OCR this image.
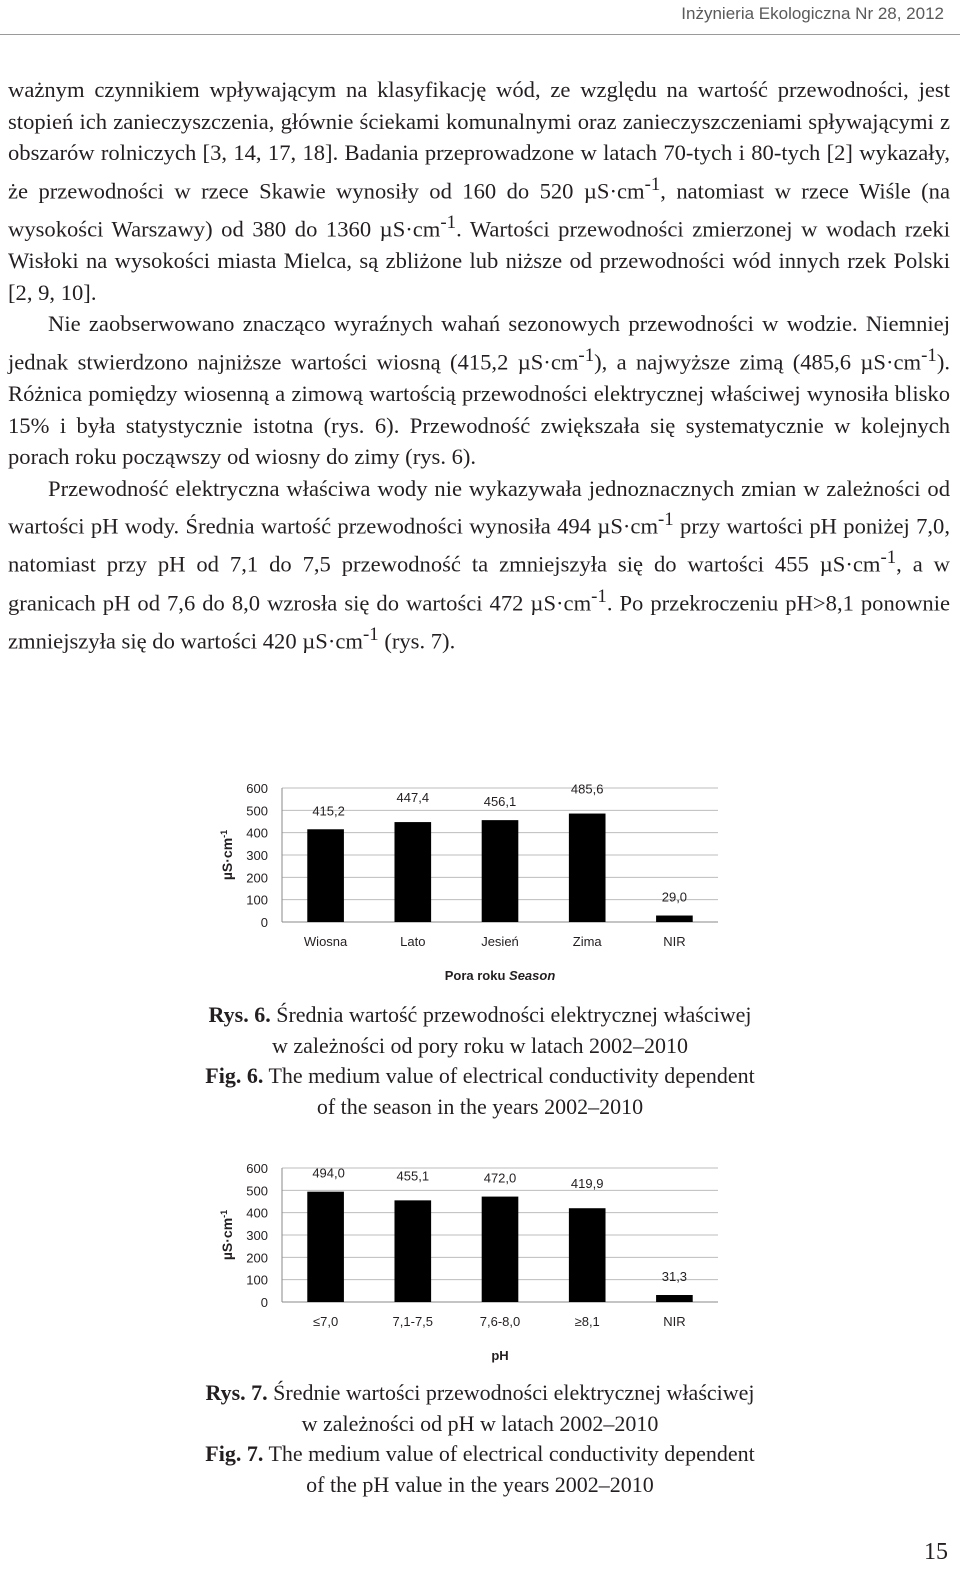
Inżynieria Ekologiczna Nr 28, 2012

ważnym czynnikiem wpływającym na klasyfikację wód, ze względu na wartość przewodności, jest stopień ich zanieczyszczenia, głównie ściekami komunalnymi oraz zanieczyszczeniami spływającymi z obszarów rolniczych [3, 14, 17, 18]. Badania przeprowadzone w latach 70-tych i 80-tych [2] wykazały, że przewodności w rzece Skawie wynosiły od 160 do 520 $\mu S\cdot cm^{-1}$, natomiast w rzece Wiśle (na wysokości Warszawy) od 380 do 1360 $\mu S\cdot cm^{-1}$. Wartości przewodności zmierzonej w wodach rzeki Wisłoki na wysokości miasta Mielca, są zbliżone lub niższe od przewodności wód innych rzek Polski [2, 9, 10].

Nie zaobserwowano znacząco wyraźnych wahań sezonowych przewodności w wodzie. Niemniej jednak stwierdzono najniższe wartości wiosną (415,2 $\mu S\cdot cm^{-1}$), a najwyższe zimą (485,6 $\mu S\cdot cm^{-1}$). Różnica pomiędzy wiosenną a zimową wartością przewodności elektrycznej właściwej wynosiła blisko 15% i była statystycznie istotna (rys. 6). Przewodność zwiększała się systematycznie w kolejnych porach roku począwszy od wiosny do zimy (rys. 6).

Przewodność elektryczna właściwa wody nie wykazywała jednoznacznych zmian w zależności od wartości pH wody. Średnia wartość przewodności wynosiła 494 $\mu S\cdot cm^{-1}$ przy wartości pH poniżej 7,0, natomiast przy pH od 7,1 do 7,5 przewodność ta zmniejszyła się do wartości 455 $\mu S\cdot cm^{-1}$, a w granicach pH od 7,6 do 8,0 wzrosła się do wartości 472 $\mu S\cdot cm^{-1}$. Po przekroczeniu pH>8,1 ponownie zmniejszyła się do wartości 420 $\mu S\cdot cm^{-1}$ (rys. 7).

0
100
200
300
400
500
600
$\mu S\cdot cm^{-1}$
415,2
Wiosna
447,4
Lato
456,1
Jesień
485,6
Zima
29,0
NIR
Pora roku Season
Rys. 6. Średnia wartość przewodności elektrycznej właściwej
w zależności od pory roku w latach 2002–2010
Fig. 6. The medium value of electrical conductivity dependent
of the season in the years 2002–2010
0
100
200
300
400
500
600
$\mu S\cdot cm^{-1}$
494,0
≤7,0
455,1
7,1-7,5
472,0
7,6-8,0
419,9
≥8,1
31,3
NIR
pH
Rys. 7. Średnie wartości przewodności elektrycznej właściwej
w zależności od pH w latach 2002–2010
Fig. 7. The medium value of electrical conductivity dependent
of the pH value in the years 2002–2010
15
